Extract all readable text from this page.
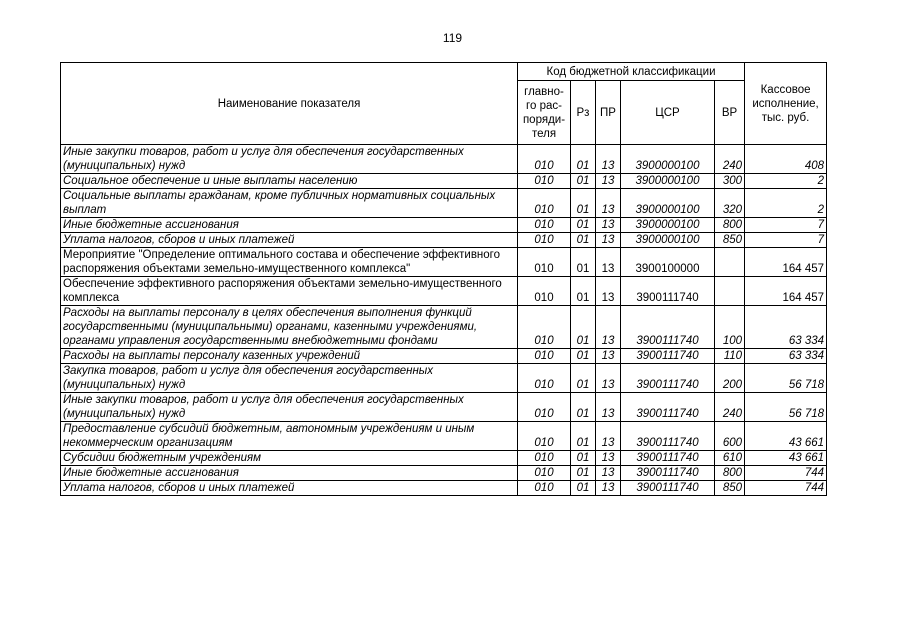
119
Наименование показателя	Код бюджетной классификации					Кассовое исполнение, тыс. руб.
	главно-
го рас-
поряди-
теля	Рз	ПР	ЦСР	ВР	
Иные закупки товаров, работ и услуг для обеспечения государственных (муниципальных) нужд	010	01	13	3900000100	240	408
Социальное обеспечение и иные выплаты населению	010	01	13	3900000100	300	2
Социальные выплаты гражданам, кроме публичных нормативных социальных выплат	010	01	13	3900000100	320	2
Иные бюджетные ассигнования	010	01	13	3900000100	800	7
Уплата налогов, сборов и иных платежей	010	01	13	3900000100	850	7
Мероприятие "Определение оптимального состава и обеспечение эффективного распоряжения объектами земельно-имущественного комплекса"	010	01	13	3900100000		164 457
Обеспечение эффективного распоряжения объектами земельно-имущественного комплекса	010	01	13	3900111740		164 457
Расходы на выплаты персоналу в целях обеспечения выполнения функций государственными (муниципальными) органами, казенными учреждениями, органами управления государственными внебюджетными фондами	010	01	13	3900111740	100	63 334
Расходы на выплаты персоналу казенных учреждений	010	01	13	3900111740	110	63 334
Закупка товаров, работ и услуг для обеспечения государственных (муниципальных) нужд	010	01	13	3900111740	200	56 718
Иные закупки товаров, работ и услуг для обеспечения государственных (муниципальных) нужд	010	01	13	3900111740	240	56 718
Предоставление субсидий бюджетным, автономным учреждениям и иным некоммерческим организациям	010	01	13	3900111740	600	43 661
Субсидии бюджетным учреждениям	010	01	13	3900111740	610	43 661
Иные бюджетные ассигнования	010	01	13	3900111740	800	744
Уплата налогов, сборов и иных платежей	010	01	13	3900111740	850	744
